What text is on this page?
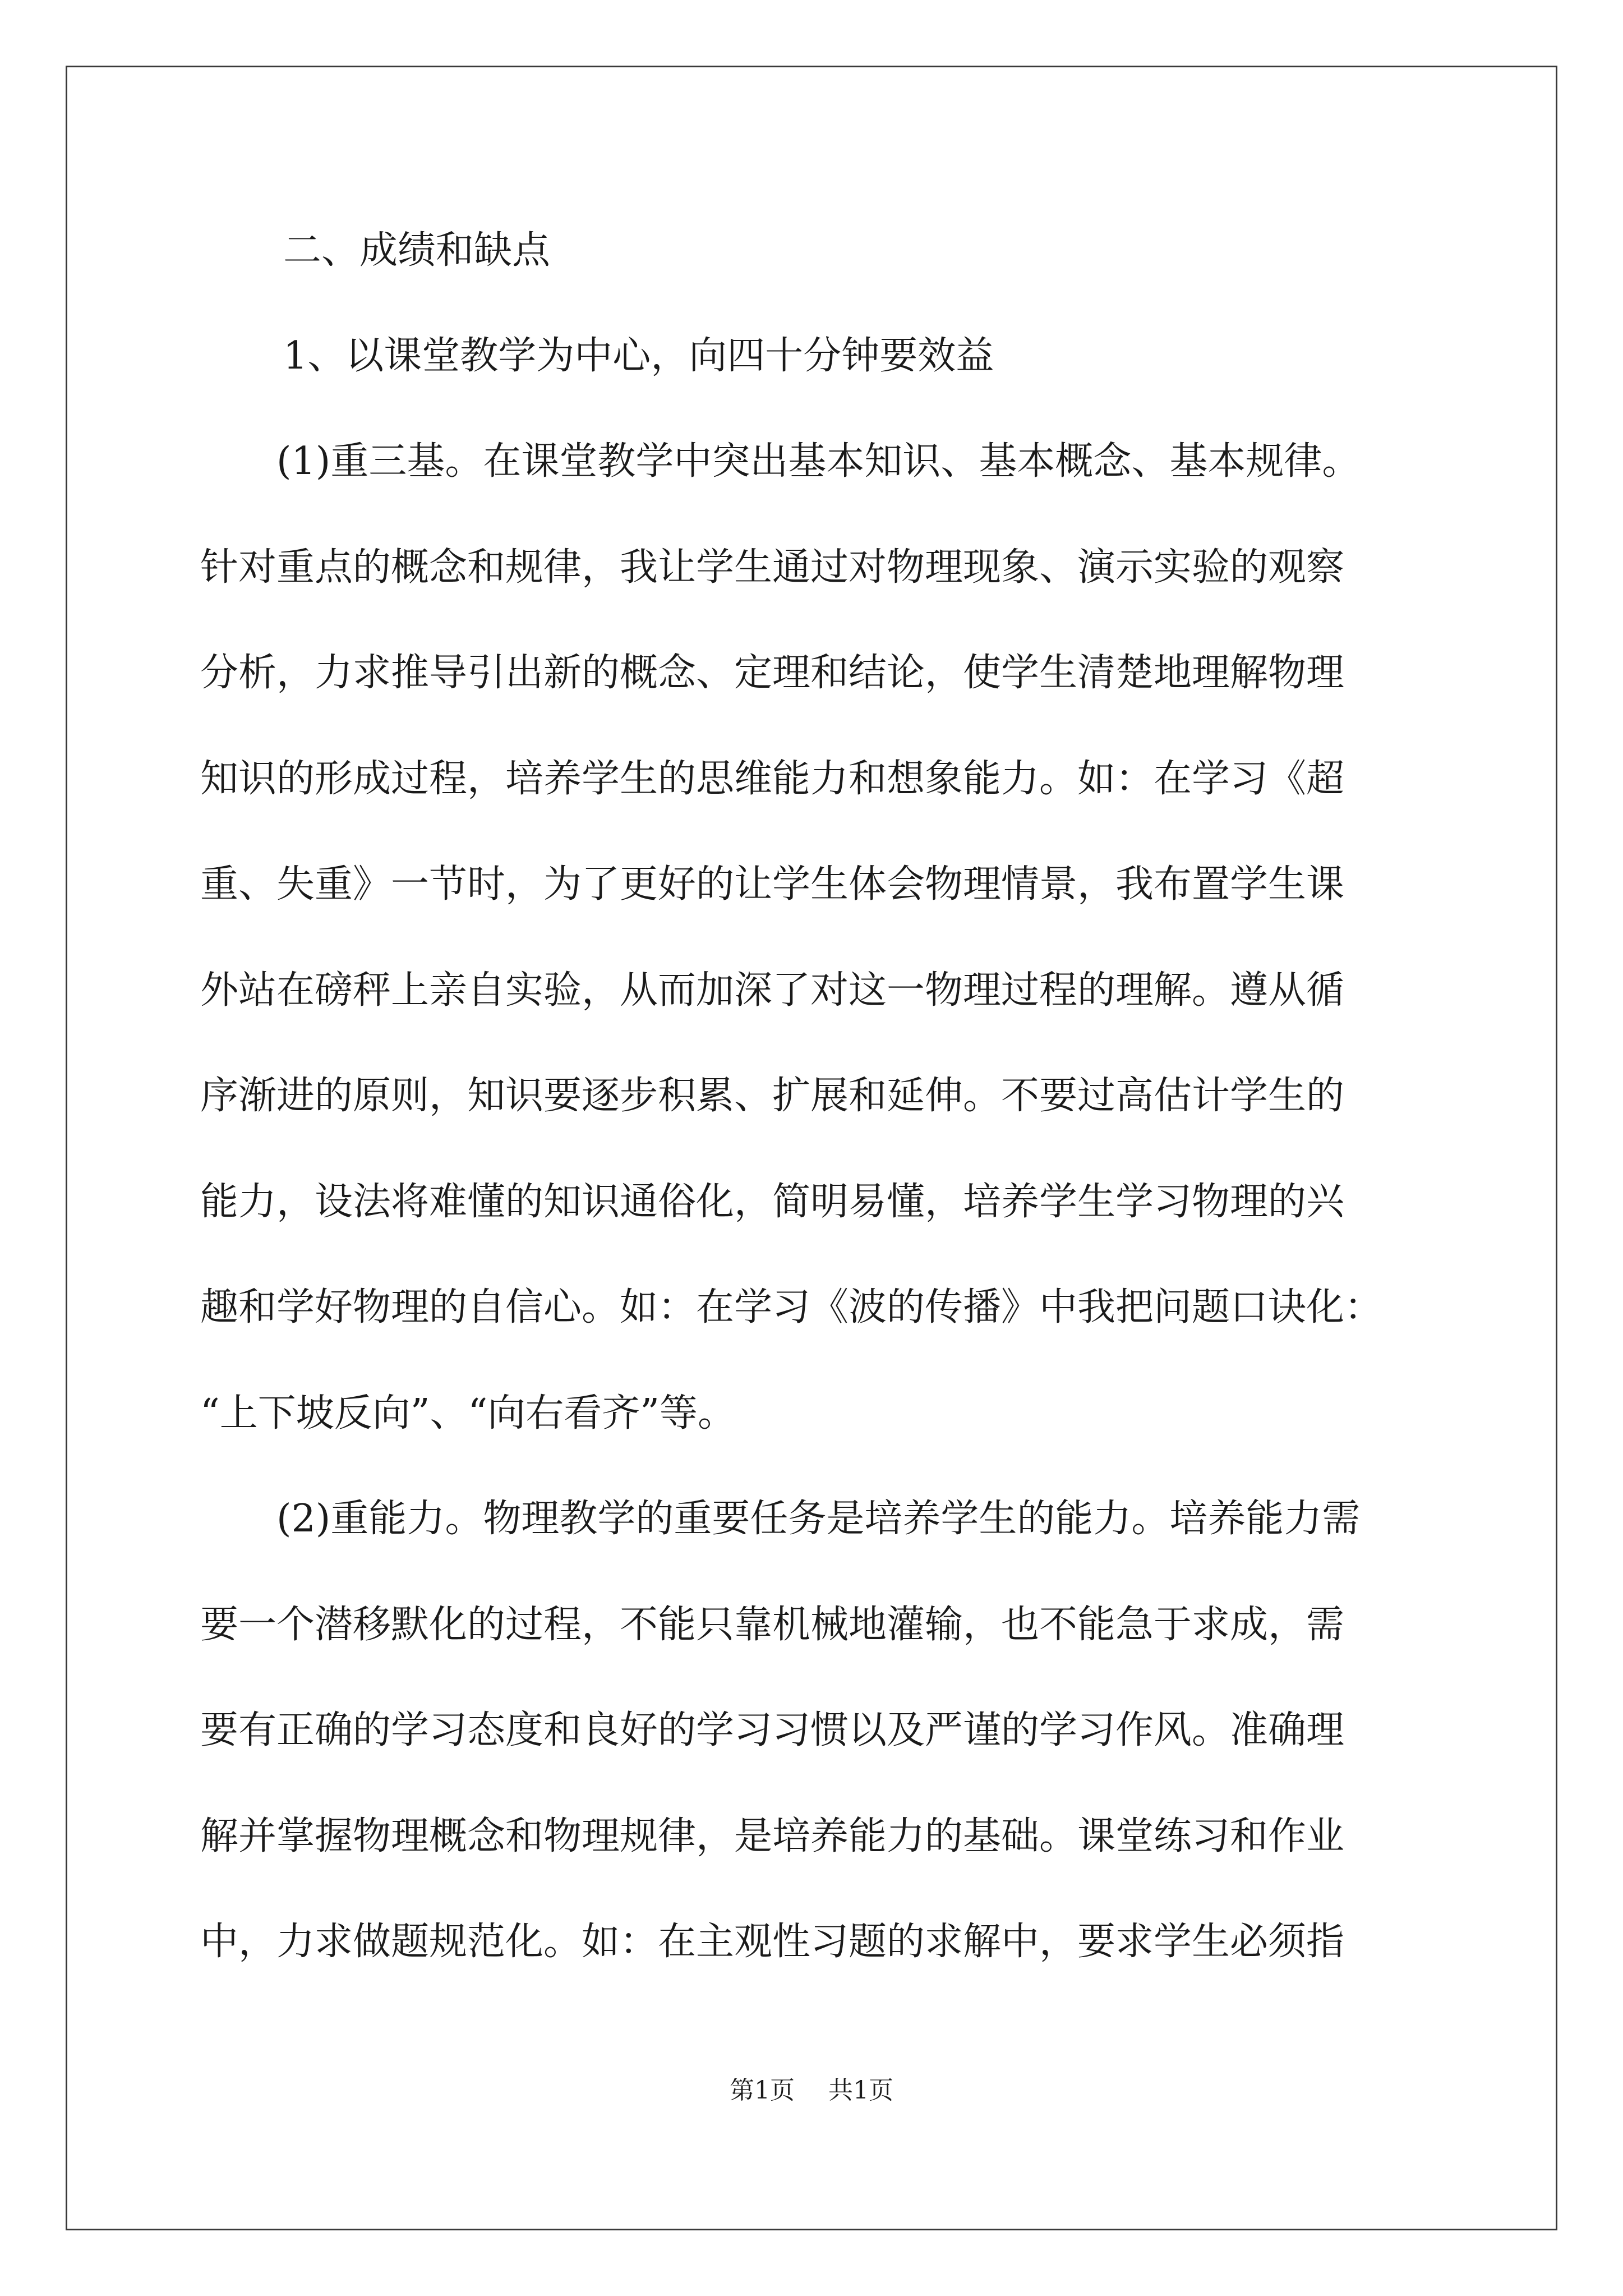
二、成绩和缺点
1、以课堂教学为中心，向四十分钟要效益
(1)重三基。在课堂教学中突出基本知识、基本概念、基本规律。
针对重点的概念和规律，我让学生通过对物理现象、演示实验的观察
分析，力求推导引出新的概念、定理和结论，使学生清楚地理解物理
知识的形成过程，培养学生的思维能力和想象能力。如：在学习《超
重、失重》一节时，为了更好的让学生体会物理情景，我布置学生课
外站在磅秤上亲自实验，从而加深了对这一物理过程的理解。遵从循
序渐进的原则，知识要逐步积累、扩展和延伸。不要过高估计学生的
能力，设法将难懂的知识通俗化，简明易懂，培养学生学习物理的兴
趣和学好物理的自信心。如：在学习《波的传播》中我把问题口诀化：
“上下坡反向”、“向右看齐”等。
(2)重能力。物理教学的重要任务是培养学生的能力。培养能力需
要一个潜移默化的过程，不能只靠机械地灌输，也不能急于求成，需
要有正确的学习态度和良好的学习习惯以及严谨的学习作风。准确理
解并掌握物理概念和物理规律，是培养能力的基础。课堂练习和作业
中，力求做题规范化。如：在主观性习题的求解中，要求学生必须指
第1页 共1页
